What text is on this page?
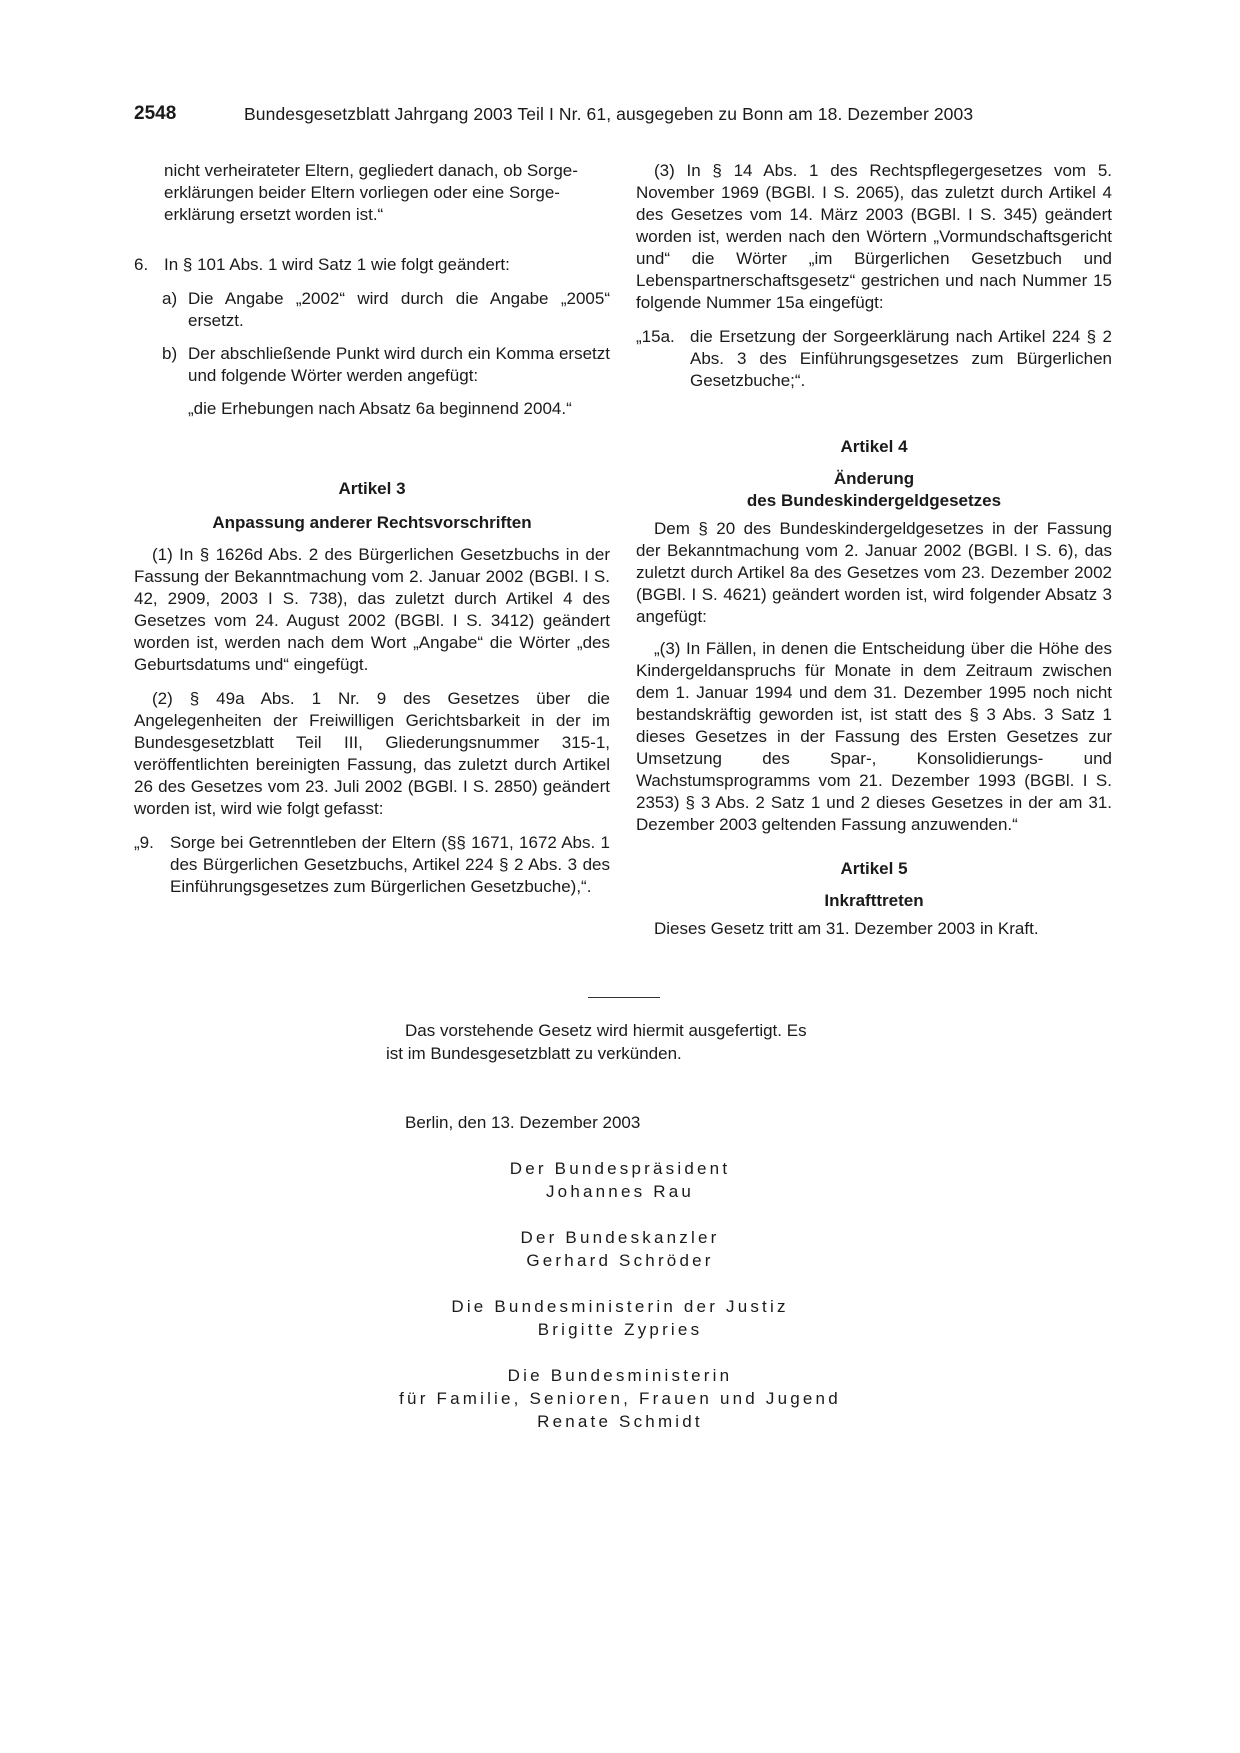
2548	Bundesgesetzblatt Jahrgang 2003 Teil I Nr. 61, ausgegeben zu Bonn am 18. Dezember 2003

nicht verheirateter Eltern, gegliedert danach, ob Sorge-
erklärungen beider Eltern vorliegen oder eine Sorge-
erklärung ersetzt worden ist.“

6. In § 101 Abs. 1 wird Satz 1 wie folgt geändert:

a) Die Angabe „2002“ wird durch die Angabe „2005“ ersetzt.

b) Der abschließende Punkt wird durch ein Komma ersetzt und folgende Wörter werden angefügt:

„die Erhebungen nach Absatz 6a beginnend 2004.“

Artikel 3

Anpassung anderer Rechtsvorschriften

(1) In § 1626d Abs. 2 des Bürgerlichen Gesetzbuchs in der Fassung der Bekanntmachung vom 2. Januar 2002 (BGBl. I S. 42, 2909, 2003 I S. 738), das zuletzt durch Artikel 4 des Gesetzes vom 24. August 2002 (BGBl. I S. 3412) geändert worden ist, werden nach dem Wort „Angabe“ die Wörter „des Geburtsdatums und“ eingefügt.

(2) § 49a Abs. 1 Nr. 9 des Gesetzes über die Angelegenheiten der Freiwilligen Gerichtsbarkeit in der im Bundesgesetzblatt Teil III, Gliederungsnummer 315-1, veröffentlichten bereinigten Fassung, das zuletzt durch Artikel 26 des Gesetzes vom 23. Juli 2002 (BGBl. I S. 2850) geändert worden ist, wird wie folgt gefasst:

„9. Sorge bei Getrenntleben der Eltern (§§ 1671, 1672 Abs. 1 des Bürgerlichen Gesetzbuchs, Artikel 224 § 2 Abs. 3 des Einführungsgesetzes zum Bürgerlichen Gesetzbuche),“.

(3) In § 14 Abs. 1 des Rechtspflegergesetzes vom 5. November 1969 (BGBl. I S. 2065), das zuletzt durch Artikel 4 des Gesetzes vom 14. März 2003 (BGBl. I S. 345) geändert worden ist, werden nach den Wörtern „Vormundschaftsgericht und“ die Wörter „im Bürgerlichen Gesetzbuch und Lebenspartnerschaftsgesetz“ gestrichen und nach Nummer 15 folgende Nummer 15a eingefügt:

„15a. die Ersetzung der Sorgeerklärung nach Artikel 224 § 2 Abs. 3 des Einführungsgesetzes zum Bürgerlichen Gesetzbuche;“.

Artikel 4

Änderung
des Bundeskindergeldgesetzes

Dem § 20 des Bundeskindergeldgesetzes in der Fassung der Bekanntmachung vom 2. Januar 2002 (BGBl. I S. 6), das zuletzt durch Artikel 8a des Gesetzes vom 23. Dezember 2002 (BGBl. I S. 4621) geändert worden ist, wird folgender Absatz 3 angefügt:

„(3) In Fällen, in denen die Entscheidung über die Höhe des Kindergeldanspruchs für Monate in dem Zeitraum zwischen dem 1. Januar 1994 und dem 31. Dezember 1995 noch nicht bestandskräftig geworden ist, ist statt des § 3 Abs. 3 Satz 1 dieses Gesetzes in der Fassung des Ersten Gesetzes zur Umsetzung des Spar-, Konsolidierungs- und Wachstumsprogramms vom 21. Dezember 1993 (BGBl. I S. 2353) § 3 Abs. 2 Satz 1 und 2 dieses Gesetzes in der am 31. Dezember 2003 geltenden Fassung anzuwenden.“

Artikel 5

Inkrafttreten

Dieses Gesetz tritt am 31. Dezember 2003 in Kraft.

Das vorstehende Gesetz wird hiermit ausgefertigt. Es
ist im Bundesgesetzblatt zu verkünden.
Berlin, den 13. Dezember 2003
Der Bundespräsident
Johannes Rau
Der Bundeskanzler
Gerhard Schröder
Die Bundesministerin der Justiz
Brigitte Zypries
Die Bundesministerin
für Familie, Senioren, Frauen und Jugend
Renate Schmidt
